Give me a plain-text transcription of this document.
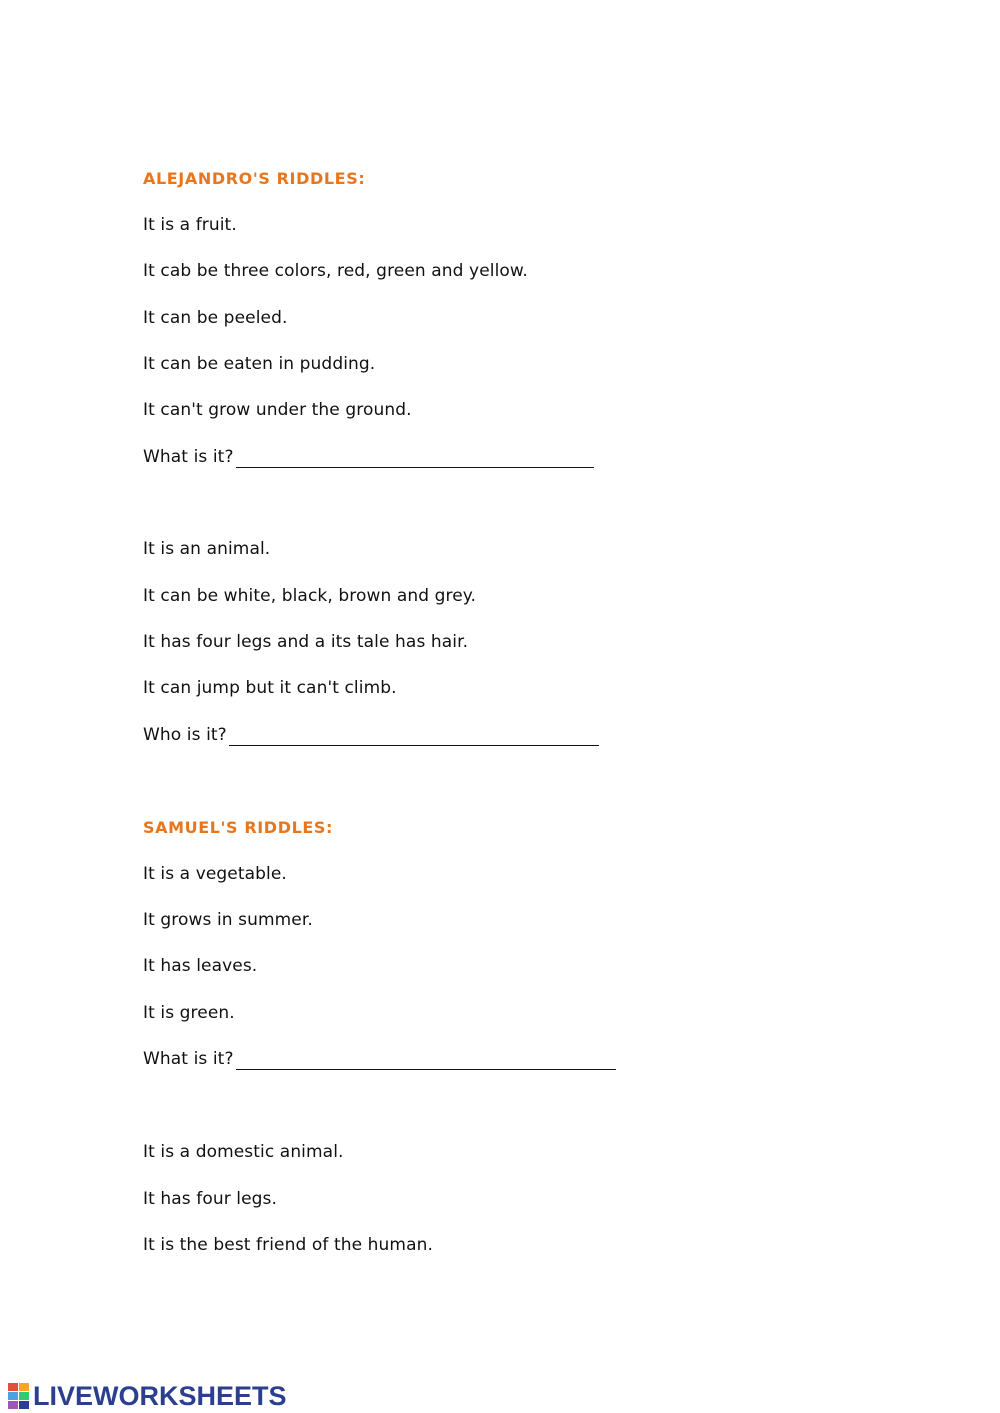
ALEJANDRO'S RIDDLES:
It is a fruit.
It cab be three colors, red, green and yellow.
It can be peeled.
It can be eaten in pudding.
It can't grow under the ground.
What is it?
It is an animal.
It can be white, black, brown and grey.
It has four legs and a its tale has hair.
It can jump but it can't climb.
Who is it?
SAMUEL'S RIDDLES:
It is a vegetable.
It grows in summer.
It has leaves.
It is green.
What is it?
It is a domestic animal.
It has four legs.
It is the best friend of the human.
LIVEWORKSHEETS
